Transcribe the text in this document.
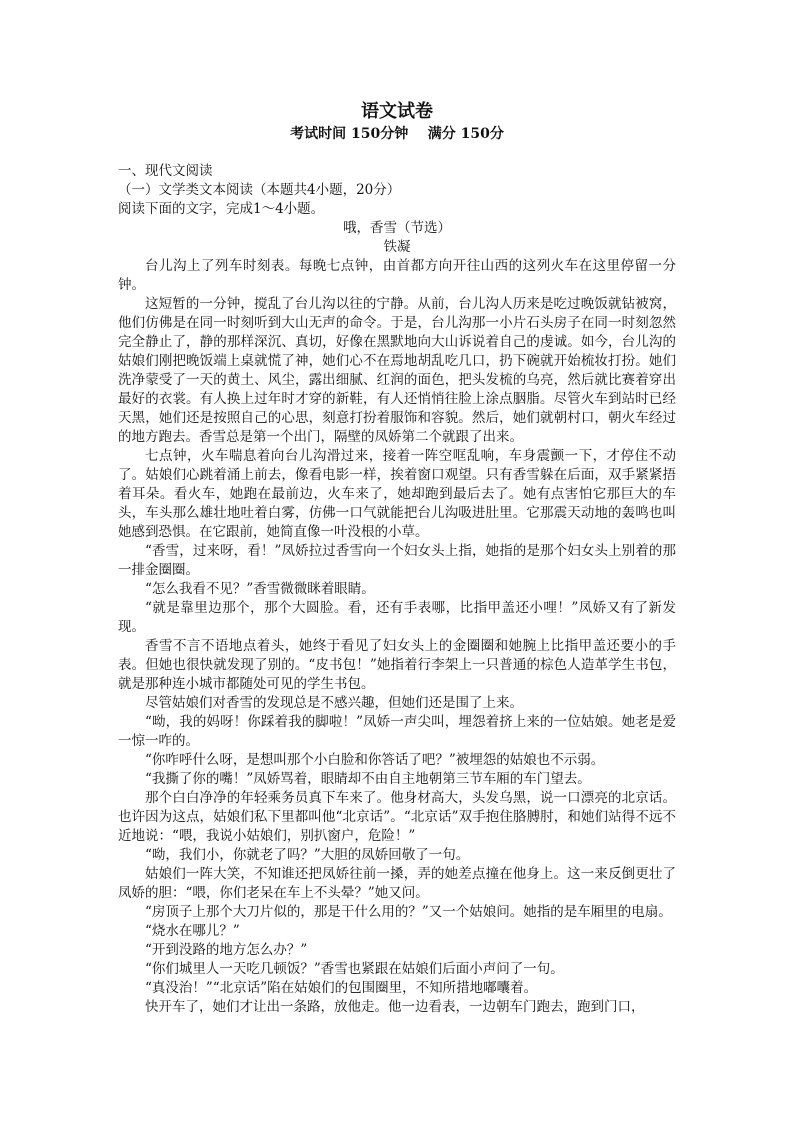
语文试卷

考试时间 150分钟    满分 150分

一、现代文阅读

（一）文学类文本阅读（本题共4小题，20分）

阅读下面的文字，完成1～4小题。

哦，香雪（节选）

铁凝

台儿沟上了列车时刻表。每晚七点钟，由首都方向开往山西的这列火车在这里停留一分钟。

这短暂的一分钟，搅乱了台儿沟以往的宁静。从前，台儿沟人历来是吃过晚饭就钻被窝，他们仿佛是在同一时刻听到大山无声的命令。于是，台儿沟那一小片石头房子在同一时刻忽然完全静止了，静的那样深沉、真切，好像在黑默地向大山诉说着自己的虔诚。如今，台儿沟的姑娘们刚把晚饭端上桌就慌了神，她们心不在焉地胡乱吃几口，扔下碗就开始梳妆打扮。她们洗净蒙受了一天的黄土、风尘，露出细腻、红润的面色，把头发梳的乌亮，然后就比赛着穿出最好的衣裳。有人换上过年时才穿的新鞋，有人还悄悄往脸上涂点胭脂。尽管火车到站时已经天黑，她们还是按照自己的心思，刻意打扮着服饰和容貌。然后，她们就朝村口，朝火车经过的地方跑去。香雪总是第一个出门，隔壁的凤娇第二个就跟了出来。

七点钟，火车喘息着向台儿沟滑过来，接着一阵空哐乱响，车身震颤一下，才停住不动了。姑娘们心跳着涌上前去，像看电影一样，挨着窗口观望。只有香雪躲在后面，双手紧紧捂着耳朵。看火车，她跑在最前边，火车来了，她却跑到最后去了。她有点害怕它那巨大的车头，车头那么雄壮地吐着白雾，仿佛一口气就能把台儿沟吸进肚里。它那震天动地的轰鸣也叫她感到恐惧。在它跟前，她简直像一叶没根的小草。

“香雪，过来呀，看！”凤娇拉过香雪向一个妇女头上指，她指的是那个妇女头上别着的那一排金圈圈。

“怎么我看不见？”香雪微微眯着眼睛。

“就是靠里边那个，那个大圆脸。看，还有手表哪，比指甲盖还小哩！”凤娇又有了新发现。

香雪不言不语地点着头，她终于看见了妇女头上的金圈圈和她腕上比指甲盖还要小的手表。但她也很快就发现了别的。“皮书包！”她指着行李架上一只普通的棕色人造革学生书包，就是那种连小城市都随处可见的学生书包。

尽管姑娘们对香雪的发现总是不感兴趣，但她们还是围了上来。

“呦，我的妈呀！你踩着我的脚啦！”凤娇一声尖叫，埋怨着挤上来的一位姑娘。她老是爱一惊一咋的。

“你咋呼什么呀，是想叫那个小白脸和你答话了吧？”被埋怨的姑娘也不示弱。

“我撕了你的嘴！”凤娇骂着，眼睛却不由自主地朝第三节车厢的车门望去。

那个白白净净的年轻乘务员真下车来了。他身材高大，头发乌黑，说一口漂亮的北京话。也许因为这点，姑娘们私下里都叫他“北京话”。“北京话”双手抱住胳膊肘，和她们站得不远不近地说：“喂，我说小姑娘们，别扒窗户，危险！”

“呦，我们小，你就老了吗？”大胆的凤娇回敬了一句。

姑娘们一阵大笑，不知谁还把凤娇往前一搡，弄的她差点撞在他身上。这一来反倒更壮了凤娇的胆：“喂，你们老呆在车上不头晕？”她又问。

“房顶子上那个大刀片似的，那是干什么用的？”又一个姑娘问。她指的是车厢里的电扇。

“烧水在哪儿？”

“开到没路的地方怎么办？”

“你们城里人一天吃几顿饭？”香雪也紧跟在姑娘们后面小声问了一句。

“真没治！”“北京话”陷在姑娘们的包围圈里，不知所措地嘟囔着。

快开车了，她们才让出一条路，放他走。他一边看表，一边朝车门跑去，跑到门口，
